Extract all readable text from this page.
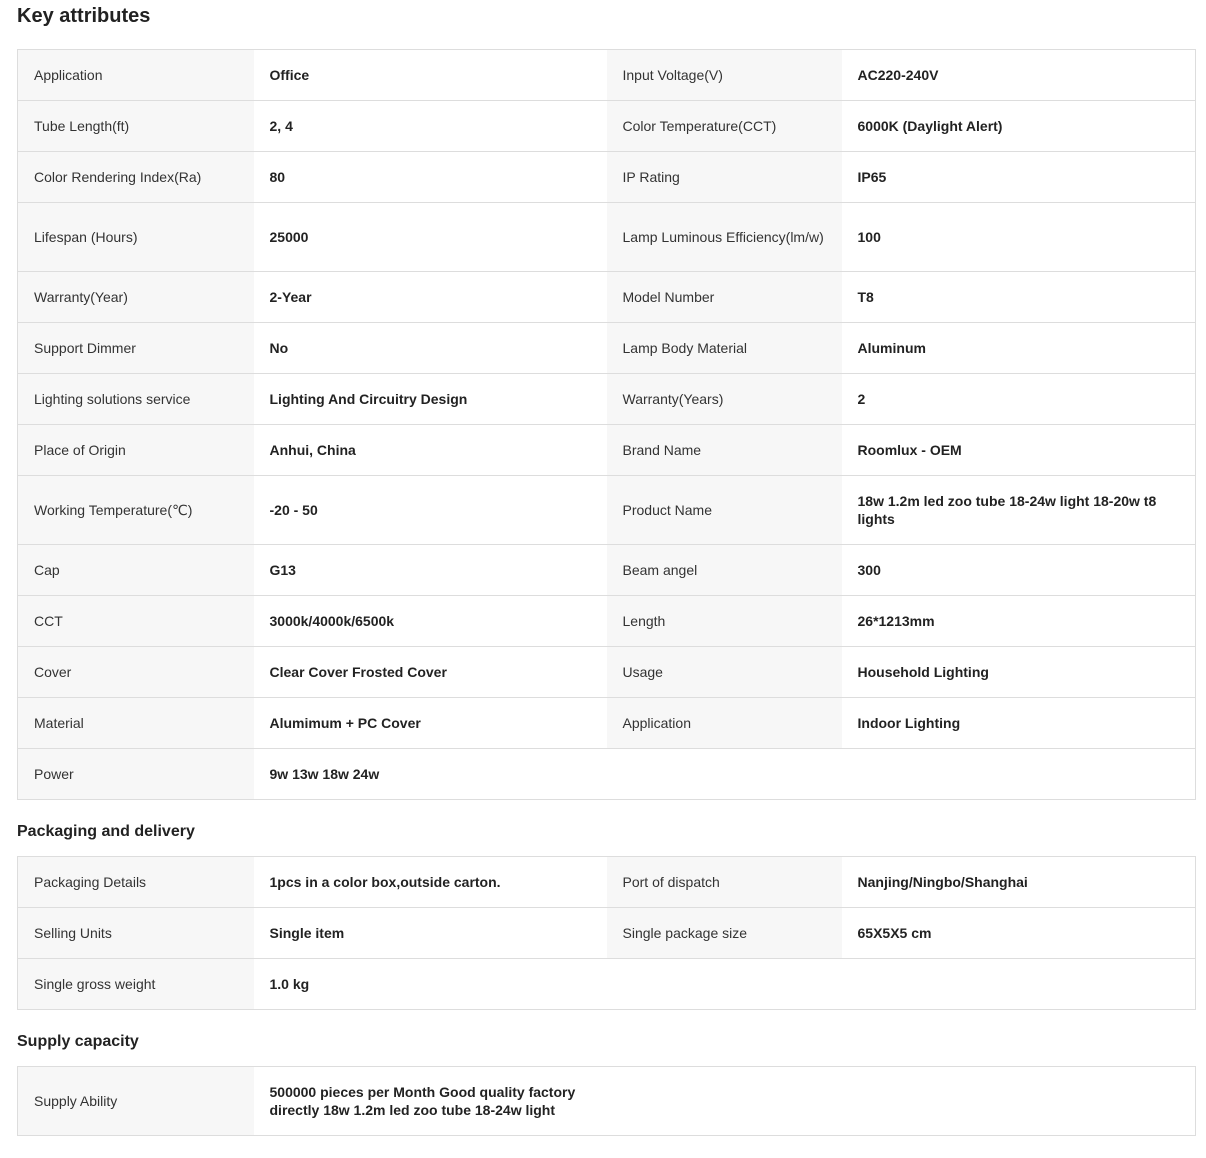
Key attributes
Application	Office	Input Voltage(V)	AC220-240V
Tube Length(ft)	2, 4	Color Temperature(CCT)	6000K (Daylight Alert)
Color Rendering Index(Ra)	80	IP Rating	IP65
Lifespan (Hours)	25000	Lamp Luminous Efficiency(lm/w)	100
Warranty(Year)	2-Year	Model Number	T8
Support Dimmer	No	Lamp Body Material	Aluminum
Lighting solutions service	Lighting And Circuitry Design	Warranty(Years)	2
Place of Origin	Anhui, China	Brand Name	Roomlux - OEM
Working Temperature(℃)	-20 - 50	Product Name	18w 1.2m led zoo tube 18-24w light 18-20w t8 lights
Cap	G13	Beam angel	300
CCT	3000k/4000k/6500k	Length	26*1213mm
Cover	Clear Cover Frosted Cover	Usage	Household Lighting
Material	Alumimum + PC Cover	Application	Indoor Lighting
Power	9w 13w 18w 24w		
Packaging and delivery
Packaging Details	1pcs in a color box,outside carton.	Port of dispatch	Nanjing/Ningbo/Shanghai
Selling Units	Single item	Single package size	65X5X5 cm
Single gross weight	1.0 kg		
Supply capacity
Supply Ability	500000 pieces per Month Good quality factory directly 18w 1.2m led zoo tube 18-24w light	
